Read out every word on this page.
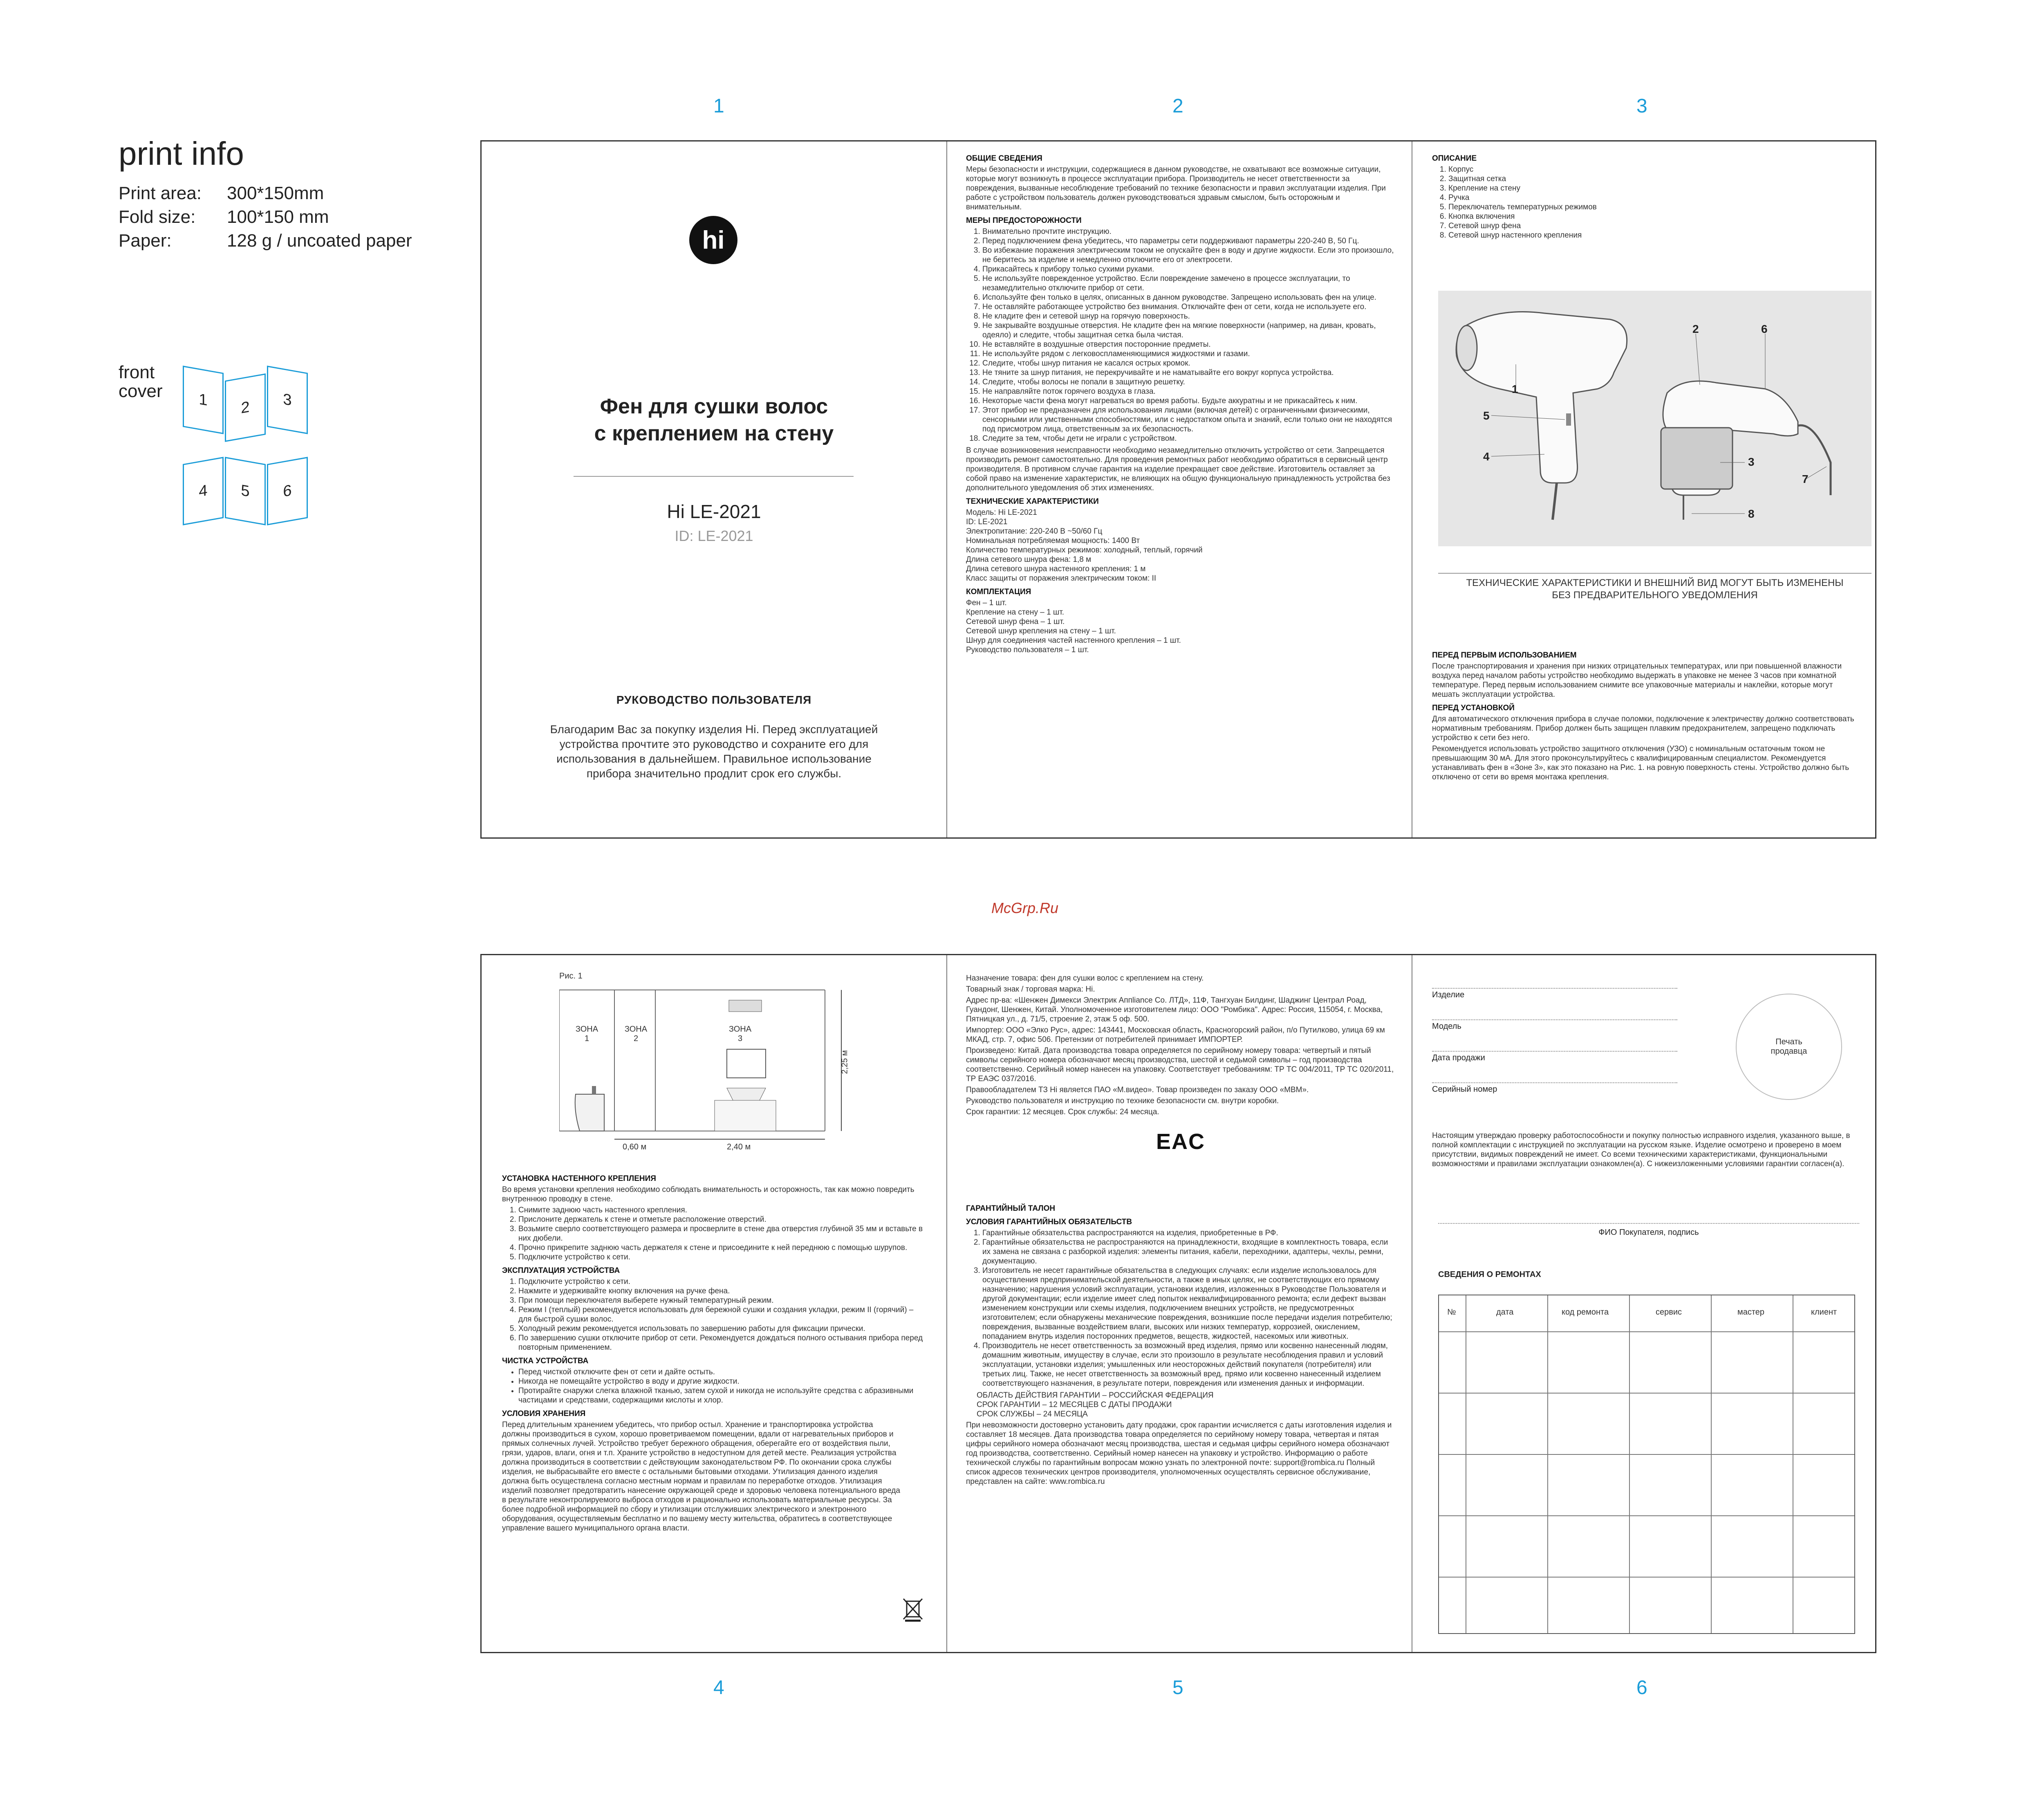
print info
Print area:	300*150mm
Fold size:	100*150 mm
Paper:	128 g / uncoated paper
front
cover 1 2 3
4 5 6
1	2	3
4	5	6
McGrp.Ru
hi
Фен для сушки волос
с креплением на стену
Hi LE-2021
ID: LE-2021
РУКОВОДСТВО ПОЛЬЗОВАТЕЛЯ
Благодарим Вас за покупку изделия Hi. Перед эксплуатацией устройства прочтите это руководство и сохраните его для использования в дальнейшем. Правильное использование прибора значительно продлит срок его службы.
ОБЩИЕ СВЕДЕНИЯ

Меры безопасности и инструкции, содержащиеся в данном руководстве, не охватывают все возможные ситуации, которые могут возникнуть в процессе эксплуатации прибора. Производитель не несет ответственности за повреждения, вызванные несоблюдение требований по технике безопасности и правил эксплуатации изделия. При работе с устройством пользователь должен руководствоваться здравым смыслом, быть осторожным и внимательным.

МЕРЫ ПРЕДОСТОРОЖНОСТИ
1. Внимательно прочтите инструкцию.
2. Перед подключением фена убедитесь, что параметры сети поддерживают параметры 220-240 В, 50 Гц.
3. Во избежание поражения электрическим током не опускайте фен в воду и другие жидкости. Если это произошло, не беритесь за изделие и немедленно отключите его от электросети.
4. Прикасайтесь к прибору только сухими руками.
5. Не используйте поврежденное устройство. Если повреждение замечено в процессе эксплуатации, то незамедлительно отключите прибор от сети.
6. Используйте фен только в целях, описанных в данном руководстве. Запрещено использовать фен на улице.
7. Не оставляйте работающее устройство без внимания. Отключайте фен от сети, когда не используете его.
8. Не кладите фен и сетевой шнур на горячую поверхность.
9. Не закрывайте воздушные отверстия. Не кладите фен на мягкие поверхности (например, на диван, кровать, одеяло) и следите, чтобы защитная сетка была чистая.
10. Не вставляйте в воздушные отверстия посторонние предметы.
11. Не используйте рядом с легковоспламеняющимися жидкостями и газами.
12. Следите, чтобы шнур питания не касался острых кромок.
13. Не тяните за шнур питания, не перекручивайте и не наматывайте его вокруг корпуса устройства.
14. Следите, чтобы волосы не попали в защитную решетку.
15. Не направляйте поток горячего воздуха в глаза.
16. Некоторые части фена могут нагреваться во время работы. Будьте аккуратны и не прикасайтесь к ним.
17. Этот прибор не предназначен для использования лицами (включая детей) с ограниченными физическими, сенсорными или умственными способностями, или с недостатком опыта и знаний, если только они не находятся под присмотром лица, ответственным за их безопасность.
18. Следите за тем, чтобы дети не играли с устройством.

В случае возникновения неисправности необходимо незамедлительно отключить устройство от сети. Запрещается производить ремонт самостоятельно. Для проведения ремонтных работ необходимо обратиться в сервисный центр производителя. В противном случае гарантия на изделие прекращает свое действие. Изготовитель оставляет за собой право на изменение характеристик, не влияющих на общую функциональную принадлежность устройства без дополнительного уведомления об этих изменениях.

ТЕХНИЧЕСКИЕ ХАРАКТЕРИСТИКИ
Модель: Hi LE-2021
ID: LE-2021
Электропитание: 220-240 В ~50/60 Гц
Номинальная потребляемая мощность: 1400 Вт
Количество температурных режимов: холодный, теплый, горячий
Длина сетевого шнура фена: 1,8 м
Длина сетевого шнура настенного крепления: 1 м
Класс защиты от поражения электрическим током: II
КОМПЛЕКТАЦИЯ
Фен – 1 шт.
Крепление на стену – 1 шт.
Сетевой шнур фена – 1 шт.
Сетевой шнур крепления на стену – 1 шт.
Шнур для соединения частей настенного крепления – 1 шт.
Руководство пользователя – 1 шт.
ОПИСАНИЕ
1. Корпус
2. Защитная сетка
3. Крепление на стену
4. Ручка
5. Переключатель температурных режимов
6. Кнопка включения
7. Сетевой шнур фена
8. Сетевой шнур настенного крепления
1
2
3
4
5
6
7
8
ТЕХНИЧЕСКИЕ ХАРАКТЕРИСТИКИ И ВНЕШНИЙ ВИД МОГУТ БЫТЬ ИЗМЕНЕНЫ
БЕЗ ПРЕДВАРИТЕЛЬНОГО УВЕДОМЛЕНИЯ
ПЕРЕД ПЕРВЫМ ИСПОЛЬЗОВАНИЕМ

После транспортирования и хранения при низких отрицательных температурах, или при повышенной влажности воздуха перед началом работы устройство необходимо выдержать в упаковке не менее 3 часов при комнатной температуре. Перед первым использованием снимите все упаковочные материалы и наклейки, которые могут мешать эксплуатации устройства.

ПЕРЕД УСТАНОВКОЙ

Для автоматического отключения прибора в случае поломки, подключение к электричеству должно соответствовать нормативным требованиям. Прибор должен быть защищен плавким предохранителем, запрещено подключать устройство к сети без него.

Рекомендуется использовать устройство защитного отключения (УЗО) с номинальным остаточным током не превышающим 30 мА. Для этого проконсультируйтесь с квалифицированным специалистом. Рекомендуется устанавливать фен в «Зоне 3», как это показано на Рис. 1. на ровную поверхность стены. Устройство должно быть отключено от сети во время монтажа крепления.

Рис. 1
ЗОНА
1
ЗОНА
2
ЗОНА
3
2,25 м
0,60 м	2,40 м
УСТАНОВКА НАСТЕННОГО КРЕПЛЕНИЯ

Во время установки крепления необходимо соблюдать внимательность и осторожность, так как можно повредить внутреннюю проводку в стене.

1. Снимите заднюю часть настенного крепления.
2. Прислоните держатель к стене и отметьте расположение отверстий.
3. Возьмите сверло соответствующего размера и просверлите в стене два отверстия глубиной 35 мм и вставьте в них дюбели.
4. Прочно прикрепите заднюю часть держателя к стене и присоедините к ней переднюю с помощью шурупов.
5. Подключите устройство к сети.
ЭКСПЛУАТАЦИЯ УСТРОЙСТВА
1. Подключите устройство к сети.
2. Нажмите и удерживайте кнопку включения на ручке фена.
3. При помощи переключателя выберете нужный температурный режим.
4. Режим I (теплый) рекомендуется использовать для бережной сушки и создания укладки, режим II (горячий) – для быстрой сушки волос.
5. Холодный режим рекомендуется использовать по завершению работы для фиксации прически.
6. По завершению сушки отключите прибор от сети. Рекомендуется дождаться полного остывания прибора перед повторным применением.
ЧИСТКА УСТРОЙСТВА
• Перед чисткой отключите фен от сети и дайте остыть.
• Никогда не помещайте устройство в воду и другие жидкости.
• Протирайте снаружи слегка влажной тканью, затем сухой и никогда не используйте средства с абразивными частицами и средствами, содержащими кислоты и хлор.
УСЛОВИЯ ХРАНЕНИЯ

Перед длительным хранением убедитесь, что прибор остыл. Хранение и транспортировка устройства должны производиться в сухом, хорошо проветриваемом помещении, вдали от нагревательных приборов и прямых солнечных лучей. Устройство требует бережного обращения, оберегайте его от воздействия пыли, грязи, ударов, влаги, огня и т.п. Храните устройство в недоступном для детей месте. Реализация устройства должна производиться в соответствии с действующим законодательством РФ. По окончании срока службы изделия, не выбрасывайте его вместе с остальными бытовыми отходами. Утилизация данного изделия должна быть осуществлена согласно местным нормам и правилам по переработке отходов. Утилизация изделий позволяет предотвратить нанесение окружающей среде и здоровью человека потенциального вреда в результате неконтролируемого выброса отходов и рационально использовать материальные ресурсы. За более подробной информацией по сбору и утилизации отслуживших электрического и электронного оборудования, осуществляемым бесплатно и по вашему месту жительства, обратитесь в соответствующее управление вашего муниципального органа власти.

Назначение товара: фен для сушки волос с креплением на стену.

Товарный знак / торговая марка: Hi.

Адрес пр-ва: «Шенжен Димекси Электрик Аппliance Со. ЛТД», 11Ф, Тангхуан Билдинг, Шаджинг Централ Роад, Гуандонг, Шенжен, Китай. Уполномоченное изготовителем лицо: ООО "Ромбика". Адрес: Россия, 115054, г. Москва, Пятницкая ул., д. 71/5, строение 2, этаж 5 оф. 500.

Импортер: ООО «Элко Рус», адрес: 143441, Московская область, Красногорский район, п/о Путилково, улица 69 км МКАД, стр. 7, офис 506. Претензии от потребителей принимает ИМПОРТЕР.

Произведено: Китай. Дата производства товара определяется по серийному номеру товара: четвертый и пятый символы серийного номера обозначают месяц производства, шестой и седьмой символы – год производства соответственно. Серийный номер нанесен на упаковку. Соответствует требованиям: ТР ТС 004/2011, ТР ТС 020/2011, ТР ЕАЭС 037/2016.

Правообладателем ТЗ Hi является ПАО «М.видео». Товар произведен по заказу ООО «МВМ».

Руководство пользователя и инструкцию по технике безопасности см. внутри коробки.

Срок гарантии: 12 месяцев. Срок службы: 24 месяца.

EAC
ГАРАНТИЙНЫЙ ТАЛОН
УСЛОВИЯ ГАРАНТИЙНЫХ ОБЯЗАТЕЛЬСТВ
1. Гарантийные обязательства распространяются на изделия, приобретенные в РФ.
2. Гарантийные обязательства не распространяются на принадлежности, входящие в комплектность товара, если их замена не связана с разборкой изделия: элементы питания, кабели, переходники, адаптеры, чехлы, ремни, документацию.
3. Изготовитель не несет гарантийные обязательства в следующих случаях: если изделие использовалось для осуществления предпринимательской деятельности, а также в иных целях, не соответствующих его прямому назначению; нарушения условий эксплуатации, установки изделия, изложенных в Руководстве Пользователя и другой документации; если изделие имеет след попыток неквалифицированного ремонта; если дефект вызван изменением конструкции или схемы изделия, подключением внешних устройств, не предусмотренных изготовителем; если обнаружены механические повреждения, возникшие после передачи изделия потребителю; повреждения, вызванные воздействием влаги, высоких или низких температур, коррозией, окислением, попаданием внутрь изделия посторонних предметов, веществ, жидкостей, насекомых или животных.
4. Производитель не несет ответственность за возможный вред изделия, прямо или косвенно нанесенный людям, домашним животным, имуществу в случае, если это произошло в результате несоблюдения правил и условий эксплуатации, установки изделия; умышленных или неосторожных действий покупателя (потребителя) или третьих лиц. Также, не несет ответственность за возможный вред, прямо или косвенно нанесенный изделием соответствующего назначения, в результате потери, повреждения или изменения данных и информации.
ОБЛАСТЬ ДЕЙСТВИЯ ГАРАНТИИ – РОССИЙСКАЯ ФЕДЕРАЦИЯ
СРОК ГАРАНТИИ – 12 МЕСЯЦЕВ С ДАТЫ ПРОДАЖИ
СРОК СЛУЖБЫ – 24 МЕСЯЦА

При невозможности достоверно установить дату продажи, срок гарантии исчисляется с даты изготовления изделия и составляет 18 месяцев. Дата производства товара определяется по серийному номеру товара, четвертая и пятая цифры серийного номера обозначают месяц производства, шестая и седьмая цифры серийного номера обозначают год производства, соответственно. Серийный номер нанесен на упаковку и устройство. Информацию о работе технической службы по гарантийным вопросам можно узнать по электронной почте: support@rombica.ru Полный список адресов технических центров производителя, уполномоченных осуществлять сервисное обслуживание, представлен на сайте: www.rombica.ru

Изделие
Модель
Дата продажи
Серийный номер
Печать продавца

Настоящим утверждаю проверку работоспособности и покупку полностью исправного изделия, указанного выше, в полной комплектации с инструкцией по эксплуатации на русском языке. Изделие осмотрено и проверено в моем присутствии, видимых повреждений не имеет. Со всеми техническими характеристиками, функциональными возможностями и правилами эксплуатации ознакомлен(а). С нижеизложенными условиями гарантии согласен(а).

ФИО Покупателя, подпись
СВЕДЕНИЯ О РЕМОНТАХ
№	дата	код ремонта	сервис	мастер	клиент
